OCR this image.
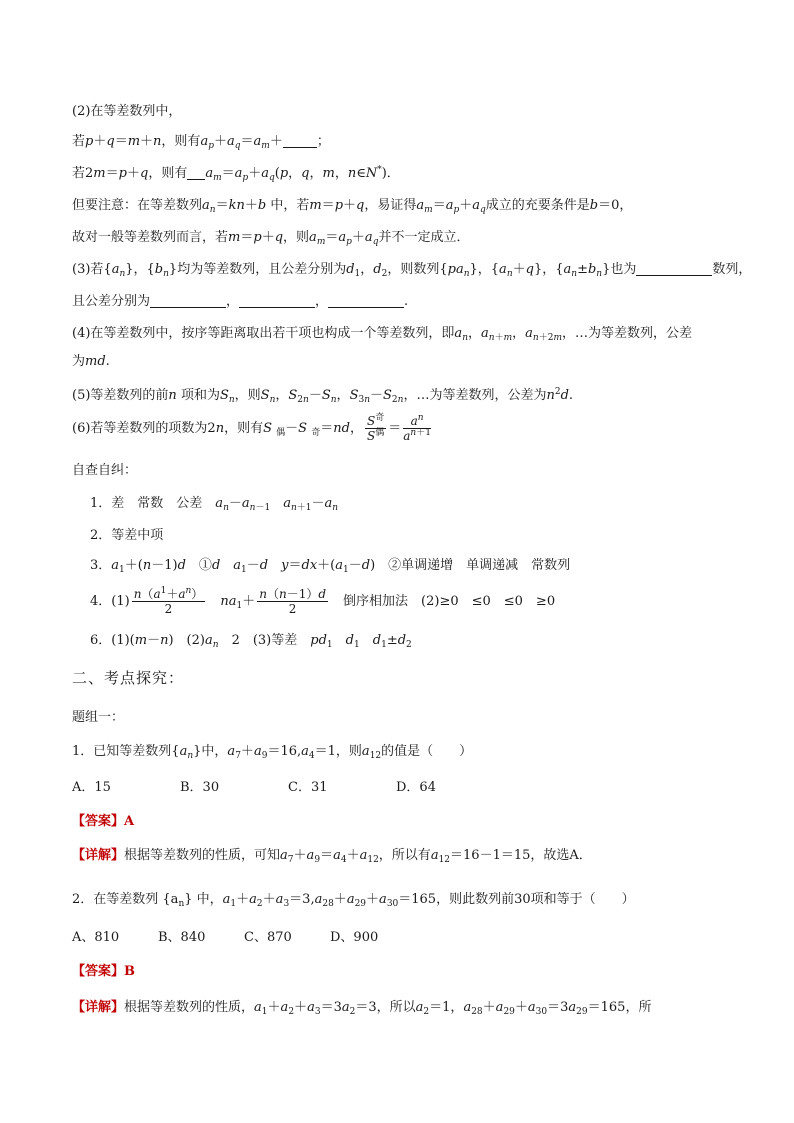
(2)在等差数列中，
若p＋q＝m＋n，则有$a_p+a_q=a_m+$	；
若2m＝p＋q，则有 $a_m=a_p+a_q(p$，q，m，n∈N*)．
但要注意：在等差数列$a_n=kn+b$ 中，若m＝p＋q，易证得$a_m=a_p+a_q$成立的充要条件是b＝0，
故对一般等差数列而言，若m＝p＋q，则$a_m=a_p+a_q$并不一定成立．
(3)若$\{a_n\}$，$\{b_n\}$均为等差数列，且公差分别为$d_1$，$d_2$，则数列$\{pa_n\}$，$\{a_n+q\}$，$\{a_n\pm b_n\}$也为	数列，
且公差分别为	，	，	.
(4)在等差数列中，按序等距离取出若干项也构成一个等差数列，即$a_n$，$a_{n+m}$，$a_{n+2m}$，…为等差数列，公差
为md.
(5)等差数列的前n 项和为$S_n$，则$S_n$，$S_{2n}-S_n$，$S_{3n}-S_{2n}$，…为等差数列，公差为$n^2d$.
(6)若等差数列的项数为2n，则有S $_偶$－S $_奇$＝nd， $\frac{S^奇}{S^偶} = \frac{a^n}{a^{n+1}}$
自查自纠：
1．差　常数　公差　 $a_n-a_{n-1}$　 $a_{n+1}-a_n$
2．等差中项
3．$a_1+(n-1)d$　 ①d　 $a_1-d$　 $y=dx+(a_1-d)$　②单调递增　单调递减　常数列
4．$(1) \frac{n(a^1+a^n)}{2}$
　 $na_1+ \frac{n(n-1)d}{2}$
　 倒序相加法　(2)≥0　≤0　≤0　≥0
6．(1)(m－n)　$(2)a_n$　 2　(3)等差　 $pd_1$　 $d_1$　 $d_1\pm d_2$
二、考点探究：
题组一：
1．已知等差数列$\{a_n\}$中，$a_7+a_9=16,a_4=1$，则$a_{12}$的值是（　　）
A．15	B．30	C．31	D．64
【答案】A
【详解】根据等差数列的性质，可知$a_7+a_9=a_4+a_{12}$，所以有$a_{12}=16-1=15$，故选A．
2．在等差数列 $\{a_n\}$ 中，$a_1+a_2+a_3=3,a_{28}+a_{29}+a_{30}=165$，则此数列前30项和等于（　　）
A、810	B、840	C、870	D、900
【答案】B
【详解】根据等差数列的性质，$a_1+a_2+a_3=3a_2=3$，所以$a_2=1$，$a_{28}+a_{29}+a_{30}=3a_{29}=165$，所
